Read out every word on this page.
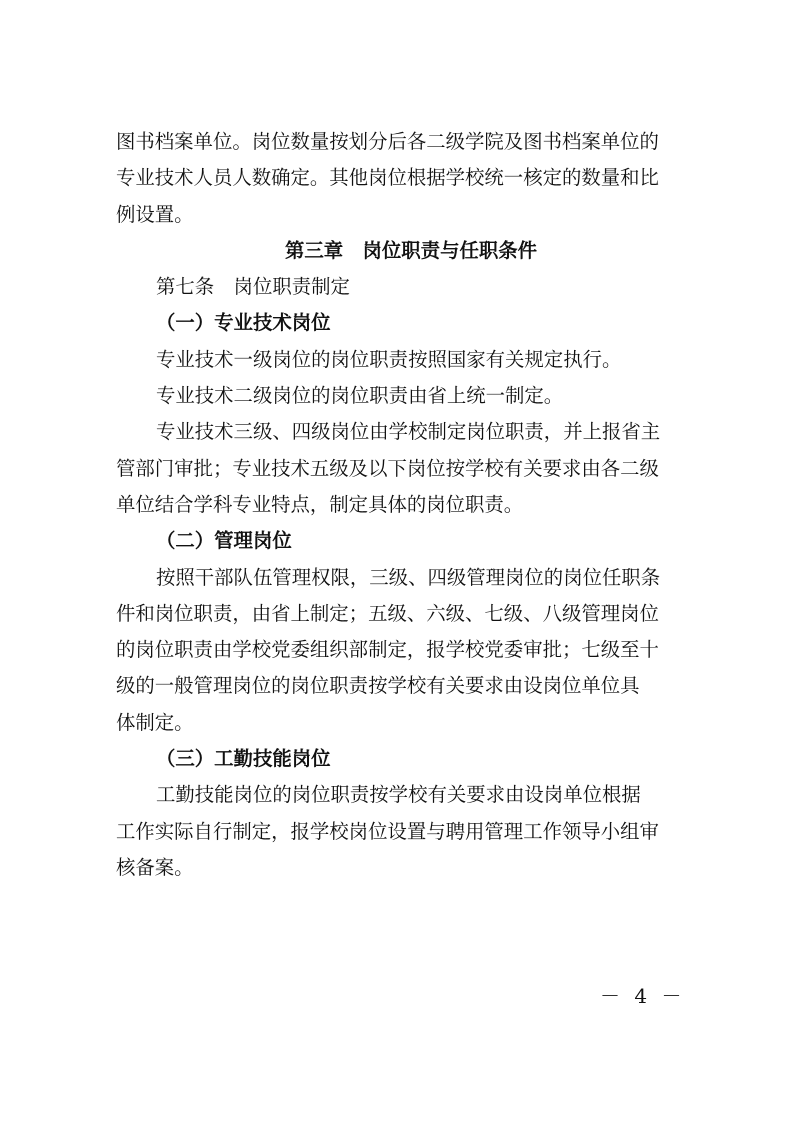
图书档案单位。岗位数量按划分后各二级学院及图书档案单位的
专业技术人员人数确定。其他岗位根据学校统一核定的数量和比
例设置。
第三章　岗位职责与任职条件
第七条　岗位职责制定
（一）专业技术岗位
专业技术一级岗位的岗位职责按照国家有关规定执行。
专业技术二级岗位的岗位职责由省上统一制定。
专业技术三级、四级岗位由学校制定岗位职责，并上报省主
管部门审批；专业技术五级及以下岗位按学校有关要求由各二级
单位结合学科专业特点，制定具体的岗位职责。
（二）管理岗位
按照干部队伍管理权限，三级、四级管理岗位的岗位任职条
件和岗位职责，由省上制定；五级、六级、七级、八级管理岗位
的岗位职责由学校党委组织部制定，报学校党委审批；七级至十
级的一般管理岗位的岗位职责按学校有关要求由设岗位单位具
体制定。
（三）工勤技能岗位
工勤技能岗位的岗位职责按学校有关要求由设岗单位根据
工作实际自行制定，报学校岗位设置与聘用管理工作领导小组审
核备案。
－ 4 －
